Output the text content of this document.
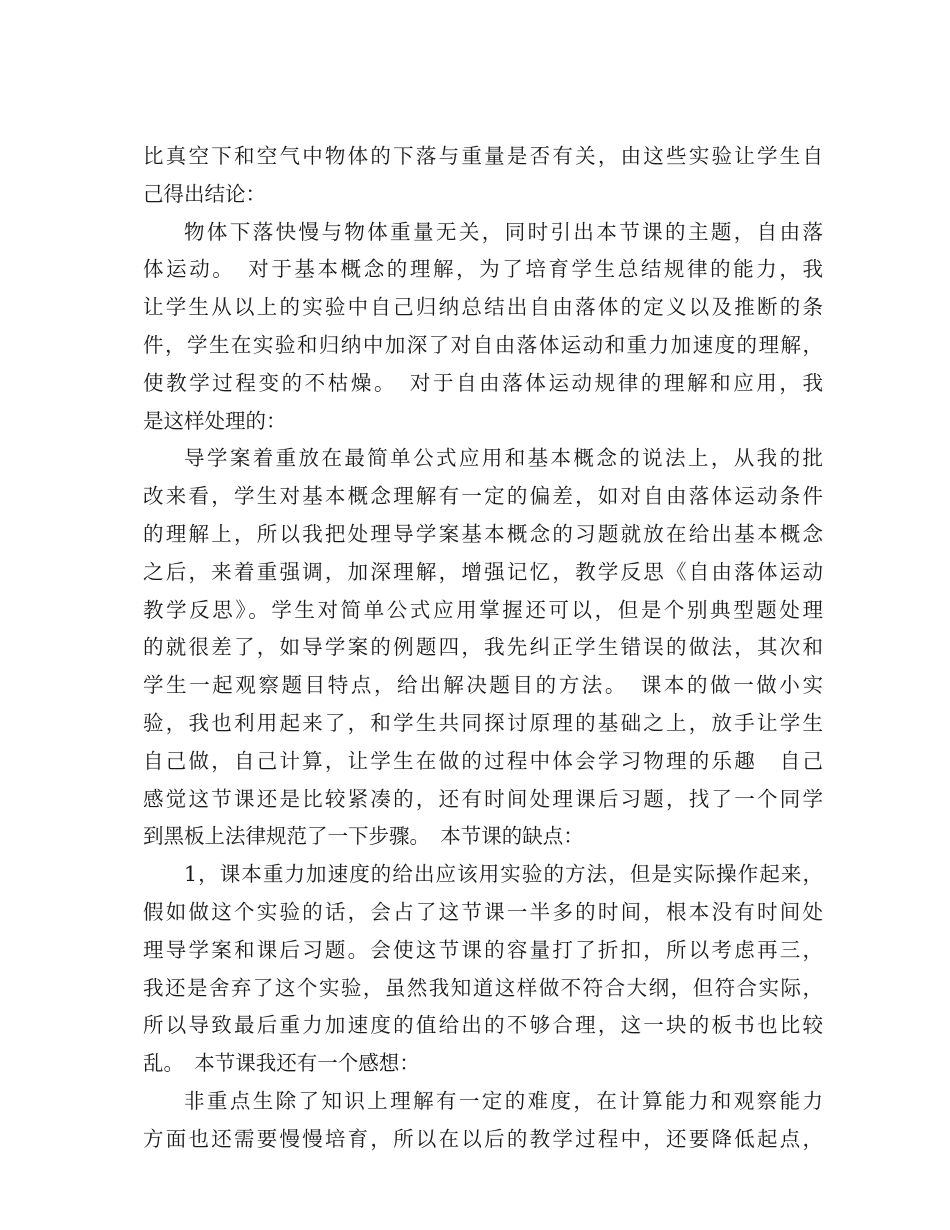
比真空下和空气中物体的下落与重量是否有关，由这些实验让学生自
己得出结论：
物体下落快慢与物体重量无关，同时引出本节课的主题，自由落
体运动。　对于基本概念的理解，为了培育学生总结规律的能力，我
让学生从以上的实验中自己归纳总结出自由落体的定义以及推断的条
件，学生在实验和归纳中加深了对自由落体运动和重力加速度的理解，
使教学过程变的不枯燥。　对于自由落体运动规律的理解和应用，我
是这样处理的：
导学案着重放在最简单公式应用和基本概念的说法上，从我的批
改来看，学生对基本概念理解有一定的偏差，如对自由落体运动条件
的理解上，所以我把处理导学案基本概念的习题就放在给出基本概念
之后，来着重强调，加深理解，增强记忆，教学反思《自由落体运动
教学反思》。学生对简单公式应用掌握还可以，但是个别典型题处理
的就很差了，如导学案的例题四，我先纠正学生错误的做法，其次和
学生一起观察题目特点，给出解决题目的方法。　课本的做一做小实
验，我也利用起来了，和学生共同探讨原理的基础之上，放手让学生
自己做，自己计算，让学生在做的过程中体会学习物理的乐趣　自己
感觉这节课还是比较紧凑的，还有时间处理课后习题，找了一个同学
到黑板上法律规范了一下步骤。　本节课的缺点：
1，课本重力加速度的给出应该用实验的方法，但是实际操作起来，
假如做这个实验的话，会占了这节课一半多的时间，根本没有时间处
理导学案和课后习题。会使这节课的容量打了折扣，所以考虑再三，
我还是舍弃了这个实验，虽然我知道这样做不符合大纲，但符合实际，
所以导致最后重力加速度的值给出的不够合理，这一块的板书也比较
乱。　本节课我还有一个感想：
非重点生除了知识上理解有一定的难度，在计算能力和观察能力
方面也还需要慢慢培育，所以在以后的教学过程中，还要降低起点，
